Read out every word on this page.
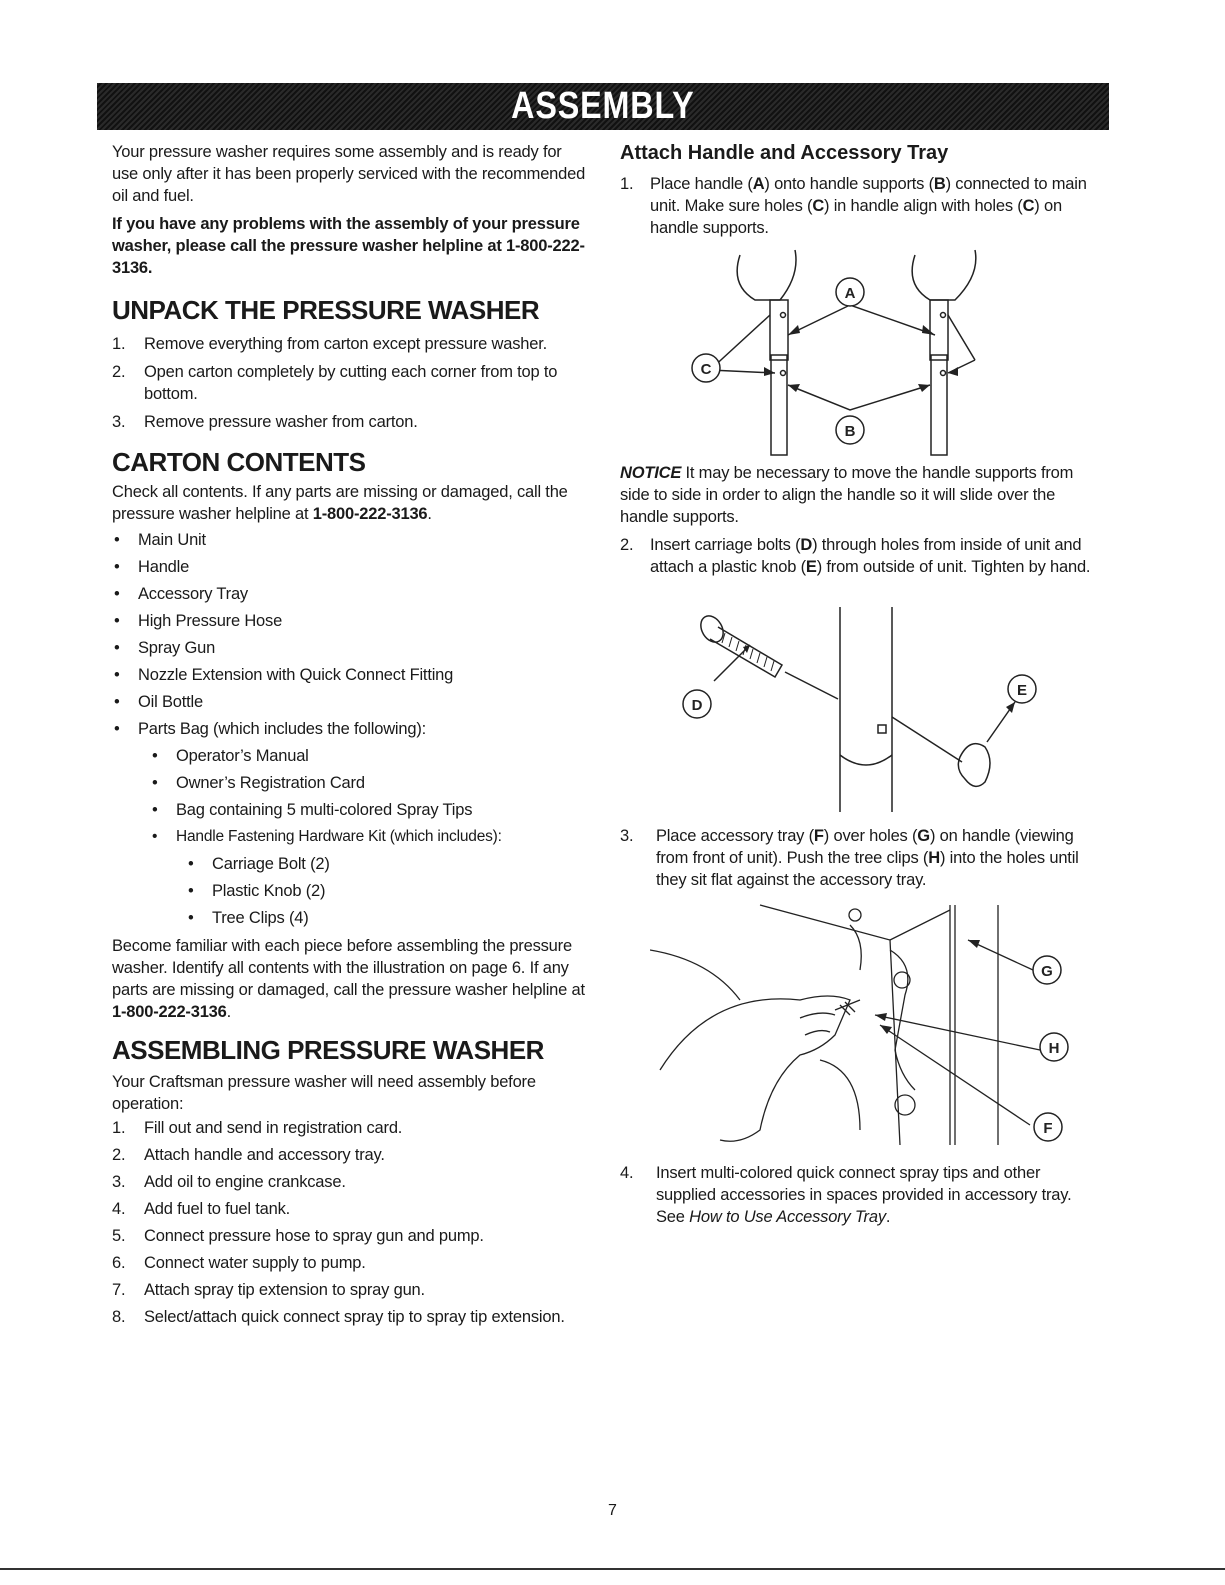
ASSEMBLY

Your pressure washer requires some assembly and is ready for use only after it has been properly serviced with the recommended oil and fuel.

If you have any problems with the assembly of your pressure washer, please call the pressure washer helpline at 1-800-222-3136.

UNPACK THE PRESSURE WASHER
1.	Remove everything from carton except pressure washer.
2.	Open carton completely by cutting each corner from top to bottom.
3.	Remove pressure washer from carton.
CARTON CONTENTS

Check all contents. If any parts are missing or damaged, call the pressure washer helpline at 1-800-222-3136.

•	Main Unit
•	Handle
•	Accessory Tray
•	High Pressure Hose
•	Spray Gun
•	Nozzle Extension with Quick Connect Fitting
•	Oil Bottle
•	Parts Bag (which includes the following):
•	Operator’s Manual
•	Owner’s Registration Card
•	Bag containing 5 multi-colored Spray Tips
•	Handle Fastening Hardware Kit (which includes):
•	Carriage Bolt (2)
•	Plastic Knob (2)
•	Tree Clips (4)

Become familiar with each piece before assembling the pressure washer. Identify all contents with the illustration on page 6. If any parts are missing or damaged, call the pressure washer helpline at 1-800-222-3136.

ASSEMBLING PRESSURE WASHER

Your Craftsman pressure washer will need assembly before operation:

1.	Fill out and send in registration card.
2.	Attach handle and accessory tray.
3.	Add oil to engine crankcase.
4.	Add fuel to fuel tank.
5.	Connect pressure hose to spray gun and pump.
6.	Connect water supply to pump.
7.	Attach spray tip extension to spray gun.
8.	Select/attach quick connect spray tip to spray tip extension.
Attach Handle and Accessory Tray
1.	Place handle (A) onto handle supports (B) connected to main unit. Make sure holes (C) in handle align with holes (C) on handle supports.
A
C
B

NOTICE It may be necessary to move the handle supports from side to side in order to align the handle so it will slide over the handle supports.

2.	Insert carriage bolts (D) through holes from inside of unit and attach a plastic knob (E) from outside of unit. Tighten by hand.
D
E
3.	Place accessory tray (F) over holes (G) on handle (viewing from front of unit). Push the tree clips (H) into the holes until they sit flat against the accessory tray.
G
H
F
4.	Insert multi-colored quick connect spray tips and other supplied accessories in spaces provided in accessory tray. See How to Use Accessory Tray.
7
